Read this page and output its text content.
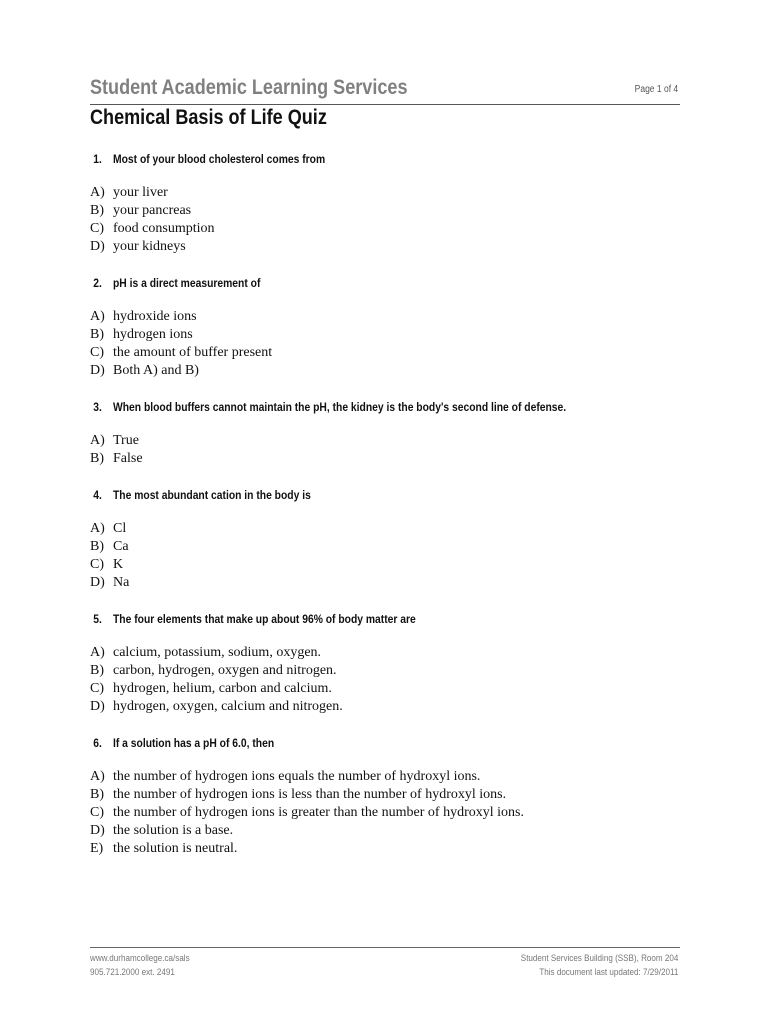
Student Academic Learning Services	Page 1 of 4
Chemical Basis of Life Quiz
1. Most of your blood cholesterol comes from
A) your liver
B) your pancreas
C) food consumption
D) your kidneys
2. pH is a direct measurement of
A) hydroxide ions
B) hydrogen ions
C) the amount of buffer present
D) Both A) and B)
3. When blood buffers cannot maintain the pH, the kidney is the body's second line of defense.
A) True
B) False
4. The most abundant cation in the body is
A) Cl
B) Ca
C) K
D) Na
5. The four elements that make up about 96% of body matter are
A) calcium, potassium, sodium, oxygen.
B) carbon, hydrogen, oxygen and nitrogen.
C) hydrogen, helium, carbon and calcium.
D) hydrogen, oxygen, calcium and nitrogen.
6. If a solution has a pH of 6.0, then
A) the number of hydrogen ions equals the number of hydroxyl ions.
B) the number of hydrogen ions is less than the number of hydroxyl ions.
C) the number of hydrogen ions is greater than the number of hydroxyl ions.
D) the solution is a base.
E) the solution is neutral.
www.durhamcollege.ca/sals
905.721.2000 ext. 2491
Student Services Building (SSB), Room 204
This document last updated: 7/29/2011
